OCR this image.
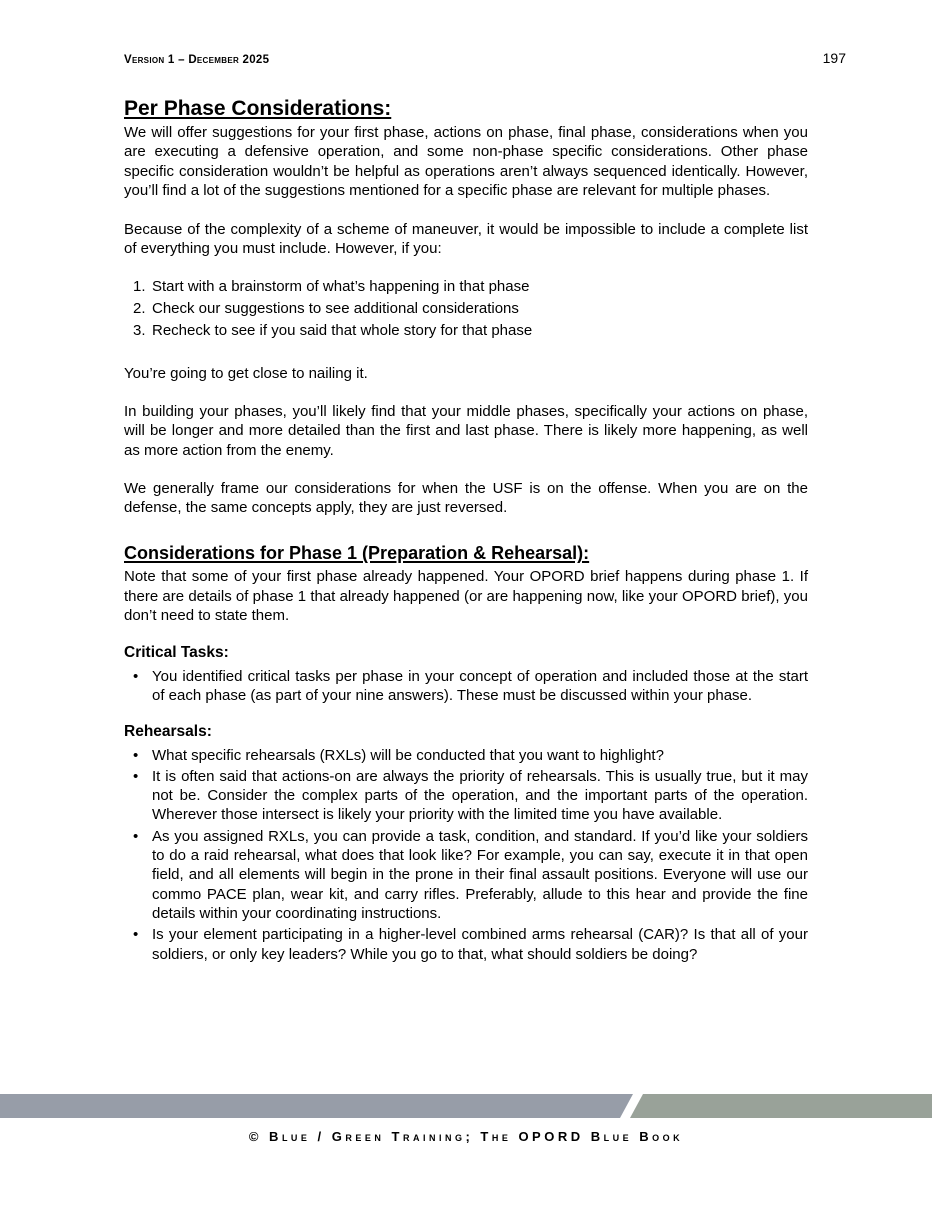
Version 1 – December 2025	197
Per Phase Considerations:

We will offer suggestions for your first phase, actions on phase, final phase, considerations when you are executing a defensive operation, and some non-phase specific considerations. Other phase specific consideration wouldn’t be helpful as operations aren’t always sequenced identically. However, you’ll find a lot of the suggestions mentioned for a specific phase are relevant for multiple phases.

Because of the complexity of a scheme of maneuver, it would be impossible to include a complete list of everything you must include. However, if you:

Start with a brainstorm of what’s happening in that phase
Check our suggestions to see additional considerations
Recheck to see if you said that whole story for that phase

You’re going to get close to nailing it.

In building your phases, you’ll likely find that your middle phases, specifically your actions on phase, will be longer and more detailed than the first and last phase. There is likely more happening, as well as more action from the enemy.

We generally frame our considerations for when the USF is on the offense. When you are on the defense, the same concepts apply, they are just reversed.

Considerations for Phase 1 (Preparation & Rehearsal):

Note that some of your first phase already happened. Your OPORD brief happens during phase 1. If there are details of phase 1 that already happened (or are happening now, like your OPORD brief), you don’t need to state them.

Critical Tasks:
• You identified critical tasks per phase in your concept of operation and included those at the start of each phase (as part of your nine answers). These must be discussed within your phase.
Rehearsals:
• What specific rehearsals (RXLs) will be conducted that you want to highlight?
• It is often said that actions-on are always the priority of rehearsals. This is usually true, but it may not be. Consider the complex parts of the operation, and the important parts of the operation. Wherever those intersect is likely your priority with the limited time you have available.
• As you assigned RXLs, you can provide a task, condition, and standard. If you’d like your soldiers to do a raid rehearsal, what does that look like? For example, you can say, execute it in that open field, and all elements will begin in the prone in their final assault positions. Everyone will use our commo PACE plan, wear kit, and carry rifles. Preferably, allude to this hear and provide the fine details within your coordinating instructions.
• Is your element participating in a higher-level combined arms rehearsal (CAR)? Is that all of your soldiers, or only key leaders? While you go to that, what should soldiers be doing?
© Blue / Green Training; The OPORD Blue Book
